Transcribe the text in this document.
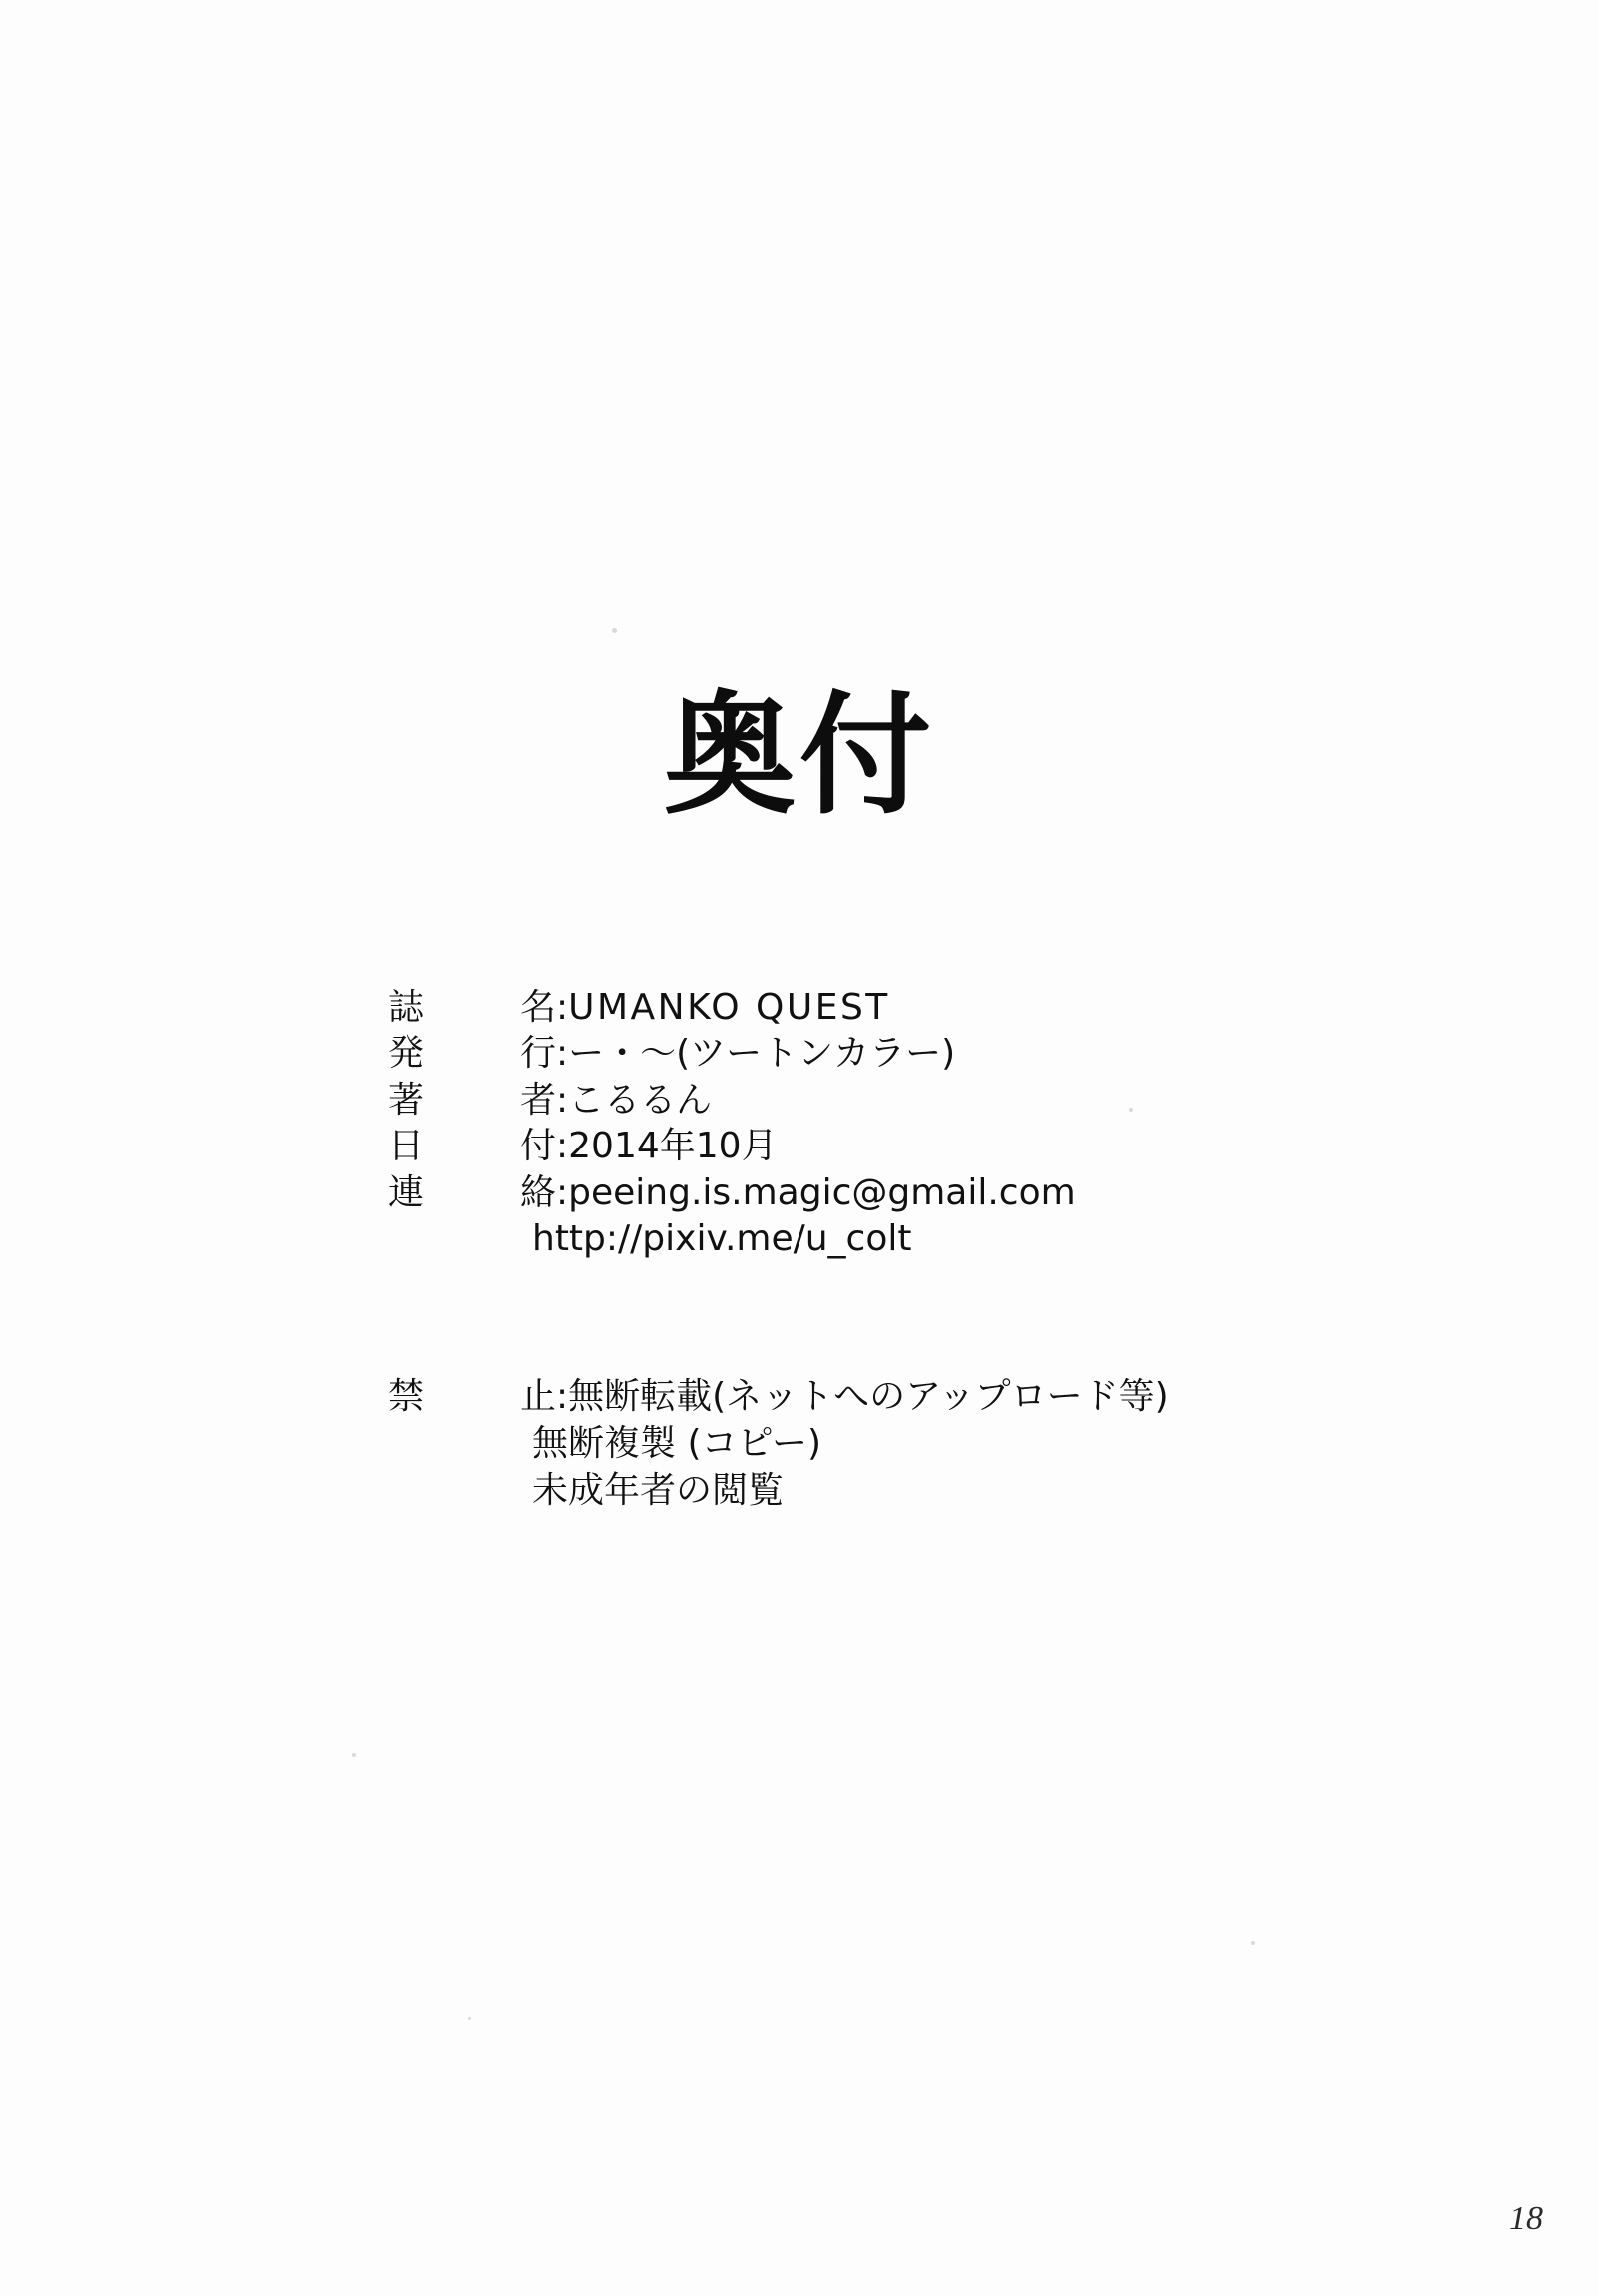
奥付
誌	名: UMANKO QUEST
発	行: ー・〜(ツートンカラー)
著	者: こるるん
日	付: 2014年10月
連	絡: peeing.is.magic@gmail.com
http://pixiv.me/u_colt
禁	止: 無断転載(ネットへのアップロード等)
無断複製 (コピー)
未成年者の閲覧
18
